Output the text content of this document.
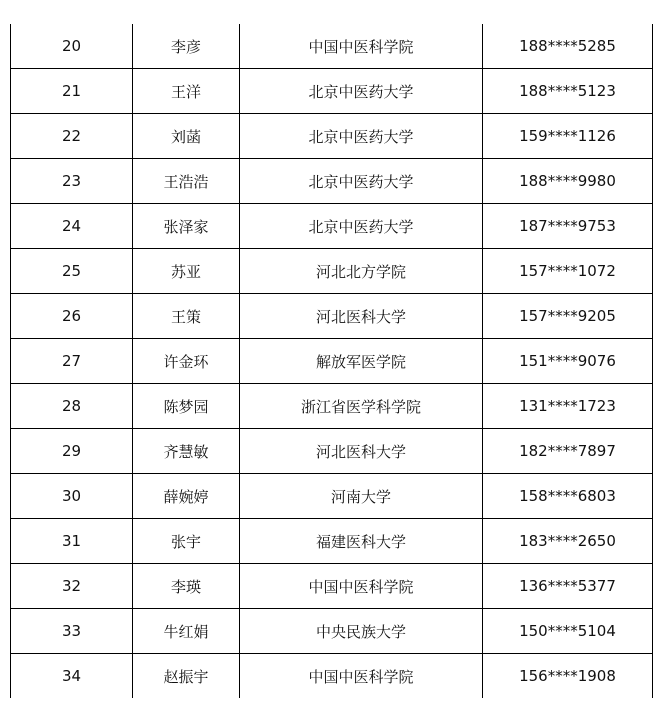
20	李彦	中国中医科学院	188****5285
21	王洋	北京中医药大学	188****5123
22	刘菡	北京中医药大学	159****1126
23	王浩浩	北京中医药大学	188****9980
24	张泽家	北京中医药大学	187****9753
25	苏亚	河北北方学院	157****1072
26	王策	河北医科大学	157****9205
27	许金环	解放军医学院	151****9076
28	陈梦园	浙江省医学科学院	131****1723
29	齐慧敏	河北医科大学	182****7897
30	薛婉婷	河南大学	158****6803
31	张宇	福建医科大学	183****2650
32	李瑛	中国中医科学院	136****5377
33	牛红娟	中央民族大学	150****5104
34	赵振宇	中国中医科学院	156****1908
